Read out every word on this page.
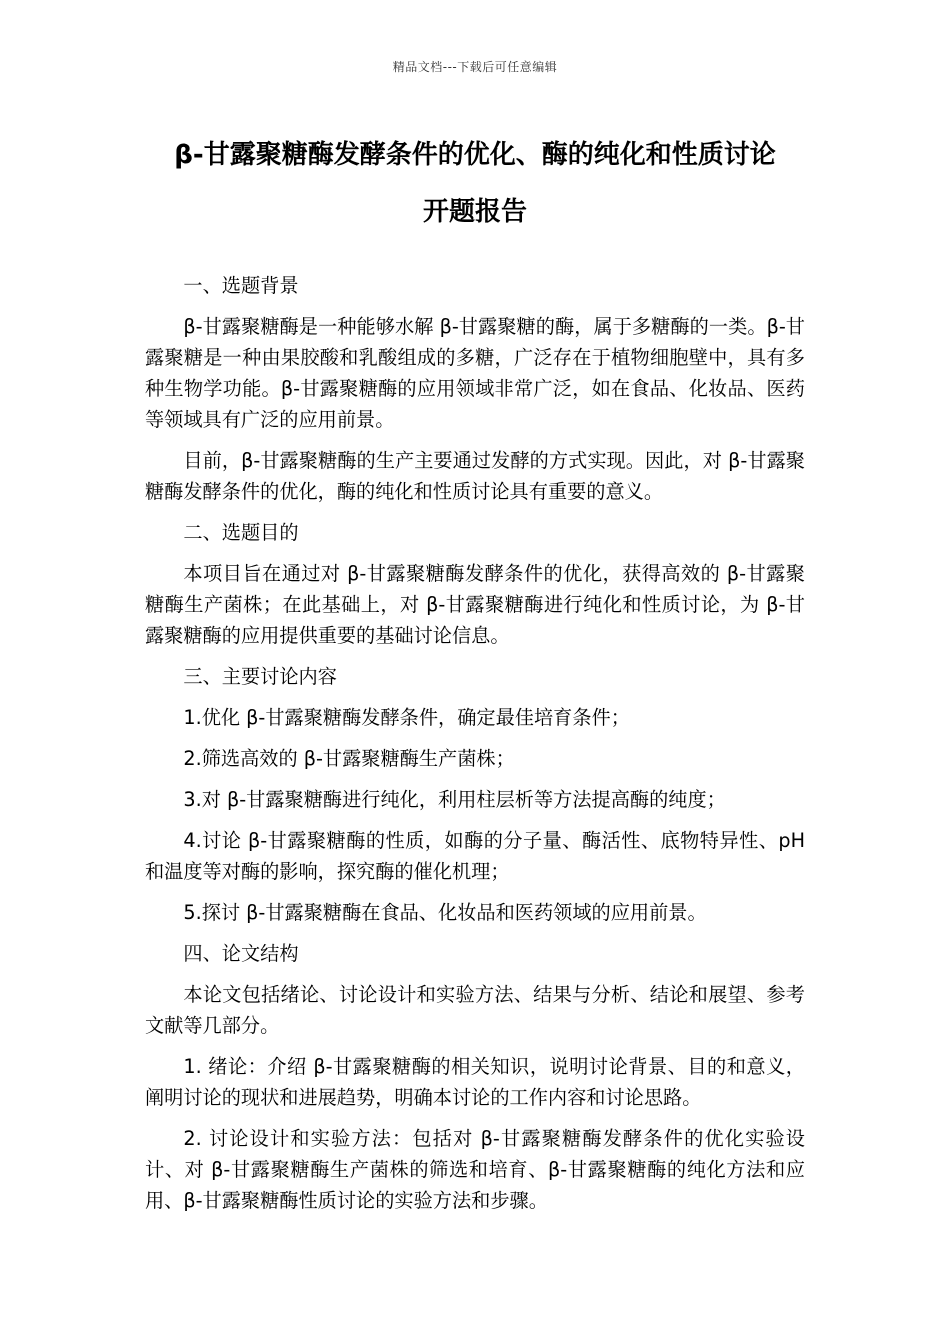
精品文档---下载后可任意编辑
β-甘露聚糖酶发酵条件的优化、酶的纯化和性质讨论
开题报告

一、选题背景

β-甘露聚糖酶是一种能够水解 β-甘露聚糖的酶，属于多糖酶的一类。β-甘露聚糖是一种由果胶酸和乳酸组成的多糖，广泛存在于植物细胞壁中，具有多种生物学功能。β-甘露聚糖酶的应用领域非常广泛，如在食品、化妆品、医药等领域具有广泛的应用前景。

目前，β-甘露聚糖酶的生产主要通过发酵的方式实现。因此，对 β-甘露聚糖酶发酵条件的优化，酶的纯化和性质讨论具有重要的意义。

二、选题目的

本项目旨在通过对 β-甘露聚糖酶发酵条件的优化，获得高效的 β-甘露聚糖酶生产菌株；在此基础上，对 β-甘露聚糖酶进行纯化和性质讨论，为 β-甘露聚糖酶的应用提供重要的基础讨论信息。

三、主要讨论内容

1.优化 β-甘露聚糖酶发酵条件，确定最佳培育条件；

2.筛选高效的 β-甘露聚糖酶生产菌株；

3.对 β-甘露聚糖酶进行纯化，利用柱层析等方法提高酶的纯度；

4.讨论 β-甘露聚糖酶的性质，如酶的分子量、酶活性、底物特异性、pH 和温度等对酶的影响，探究酶的催化机理；

5.探讨 β-甘露聚糖酶在食品、化妆品和医药领域的应用前景。

四、论文结构

本论文包括绪论、讨论设计和实验方法、结果与分析、结论和展望、参考文献等几部分。

1. 绪论：介绍 β-甘露聚糖酶的相关知识，说明讨论背景、目的和意义，阐明讨论的现状和进展趋势，明确本讨论的工作内容和讨论思路。

2. 讨论设计和实验方法：包括对 β-甘露聚糖酶发酵条件的优化实验设计、对 β-甘露聚糖酶生产菌株的筛选和培育、β-甘露聚糖酶的纯化方法和应用、β-甘露聚糖酶性质讨论的实验方法和步骤。
